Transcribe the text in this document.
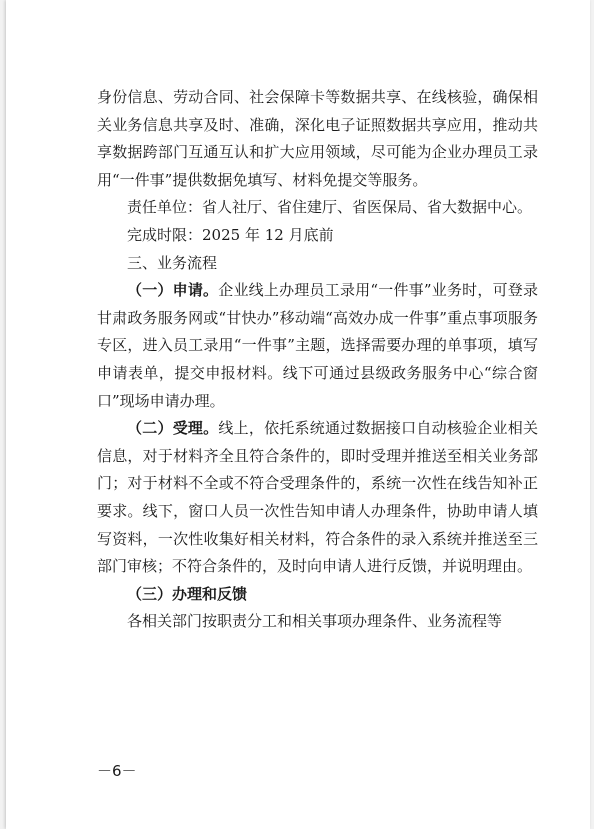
身份信息、劳动合同、社会保障卡等数据共享、在线核验，确保相关业务信息共享及时、准确，深化电子证照数据共享应用，推动共享数据跨部门互通互认和扩大应用领域，尽可能为企业办理员工录用“一件事”提供数据免填写、材料免提交等服务。

责任单位：省人社厅、省住建厅、省医保局、省大数据中心。

完成时限：2025 年 12 月底前

三、业务流程

（一）申请。企业线上办理员工录用“一件事”业务时，可登录甘肃政务服务网或“甘快办”移动端“高效办成一件事”重点事项服务专区，进入员工录用“一件事”主题，选择需要办理的单事项，填写申请表单，提交申报材料。线下可通过县级政务服务中心“综合窗口”现场申请办理。

（二）受理。线上，依托系统通过数据接口自动核验企业相关信息，对于材料齐全且符合条件的，即时受理并推送至相关业务部门；对于材料不全或不符合受理条件的，系统一次性在线告知补正要求。线下，窗口人员一次性告知申请人办理条件，协助申请人填写资料，一次性收集好相关材料，符合条件的录入系统并推送至三部门审核；不符合条件的，及时向申请人进行反馈，并说明理由。

（三）办理和反馈

各相关部门按职责分工和相关事项办理条件、业务流程等

－6－
